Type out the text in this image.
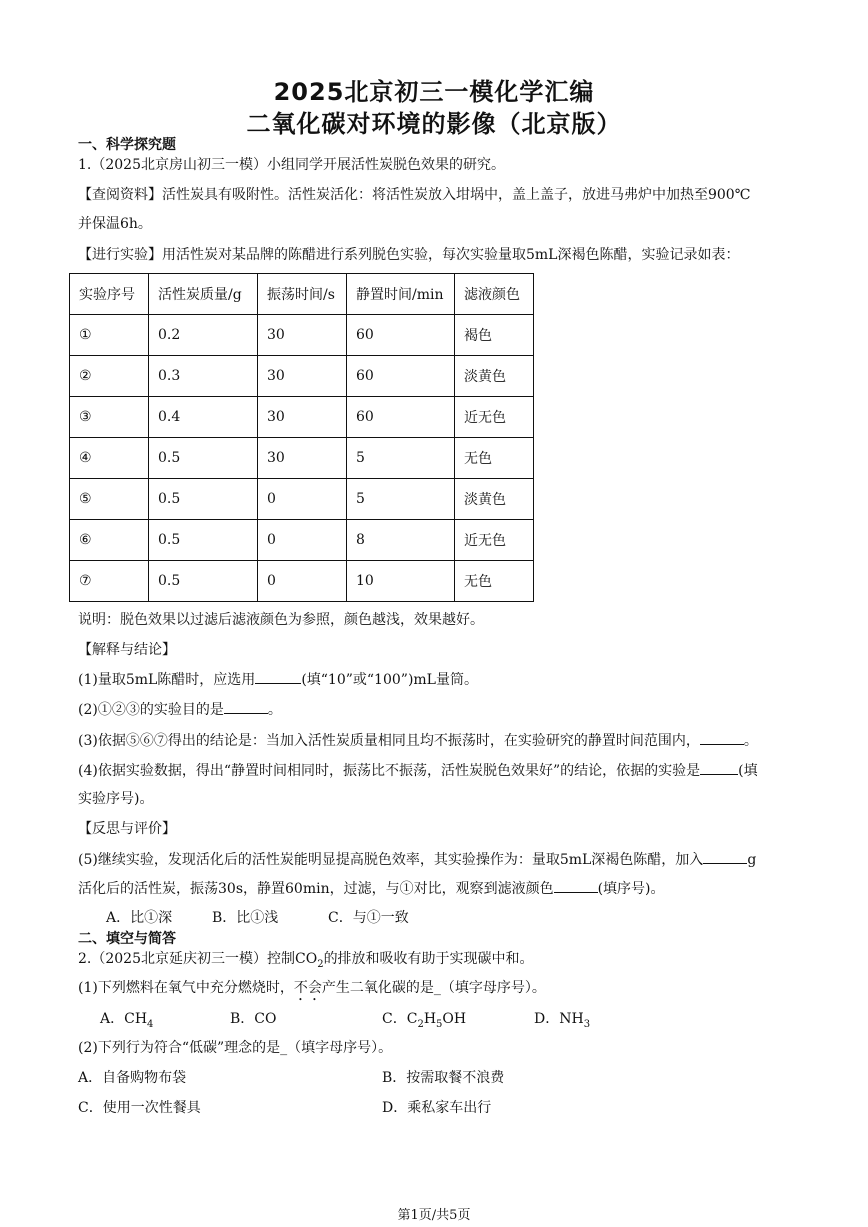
2025北京初三一模化学汇编
二氧化碳对环境的影像（北京版）
一、科学探究题
1.（2025北京房山初三一模）小组同学开展活性炭脱色效果的研究。
【查阅资料】活性炭具有吸附性。活性炭活化：将活性炭放入坩埚中，盖上盖子，放进马弗炉中加热至900℃
并保温6h。
【进行实验】用活性炭对某品牌的陈醋进行系列脱色实验，每次实验量取5mL深褐色陈醋，实验记录如表：
实验序号	活性炭质量/g	振荡时间/s	静置时间/min	滤液颜色
①	0.2	30	60	褐色
②	0.3	30	60	淡黄色
③	0.4	30	60	近无色
④	0.5	30	5	无色
⑤	0.5	0	5	淡黄色
⑥	0.5	0	8	近无色
⑦	0.5	0	10	无色
说明：脱色效果以过滤后滤液颜色为参照，颜色越浅，效果越好。
【解释与结论】
(1)量取5mL陈醋时，应选用	(填“10”或“100”)mL量筒。
(2)①②③的实验目的是	。
(3)依据⑤⑥⑦得出的结论是：当加入活性炭质量相同且均不振荡时，在实验研究的静置时间范围内，	。
(4)依据实验数据，得出“静置时间相同时，振荡比不振荡，活性炭脱色效果好”的结论，依据的实验是	(填
实验序号)。
【反思与评价】
(5)继续实验，发现活化后的活性炭能明显提高脱色效率，其实验操作为：量取5mL深褐色陈醋，加入	g
活化后的活性炭，振荡30s，静置60min，过滤，与①对比，观察到滤液颜色	(填序号)。
A．比①深	B．比①浅	C．与①一致
二、填空与简答
2.（2025北京延庆初三一模）控制$CO_2$的排放和吸收有助于实现碳中和。
(1)下列燃料在氧气中充分燃烧时，不会产生二氧化碳的是_（填字母序号）。
A．$CH_4$	B．CO	C．$C_2H_5OH$	D．$NH_3$
(2)下列行为符合“低碳”理念的是_（填字母序号）。
A．自备购物布袋	B．按需取餐不浪费
C．使用一次性餐具	D．乘私家车出行
第1页/共5页
